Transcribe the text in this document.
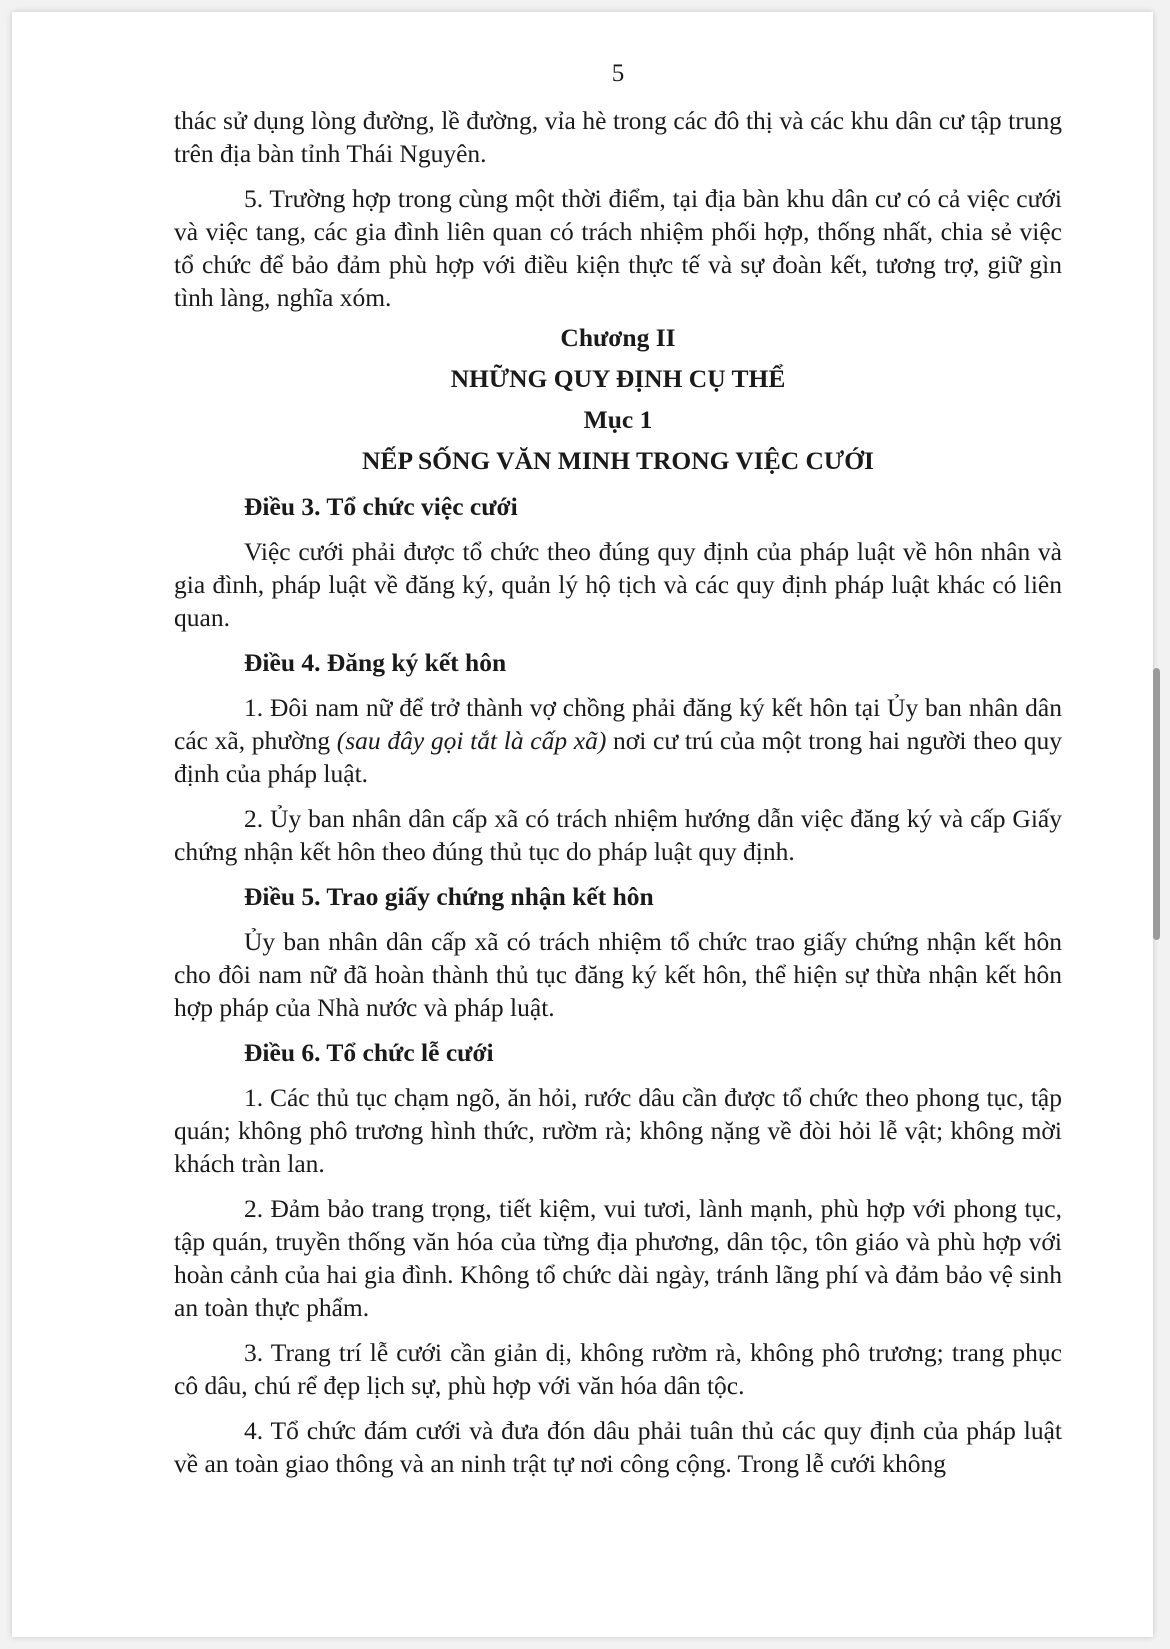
5

thác sử dụng lòng đường, lề đường, vỉa hè trong các đô thị và các khu dân cư tập trung trên địa bàn tỉnh Thái Nguyên.

5. Trường hợp trong cùng một thời điểm, tại địa bàn khu dân cư có cả việc cưới và việc tang, các gia đình liên quan có trách nhiệm phối hợp, thống nhất, chia sẻ việc tổ chức để bảo đảm phù hợp với điều kiện thực tế và sự đoàn kết, tương trợ, giữ gìn tình làng, nghĩa xóm.

Chương II

NHỮNG QUY ĐỊNH CỤ THỂ

Mục 1

NẾP SỐNG VĂN MINH TRONG VIỆC CƯỚI

Điều 3. Tổ chức việc cưới

Việc cưới phải được tổ chức theo đúng quy định của pháp luật về hôn nhân và gia đình, pháp luật về đăng ký, quản lý hộ tịch và các quy định pháp luật khác có liên quan.

Điều 4. Đăng ký kết hôn

1. Đôi nam nữ để trở thành vợ chồng phải đăng ký kết hôn tại Ủy ban nhân dân các xã, phường (sau đây gọi tắt là cấp xã) nơi cư trú của một trong hai người theo quy định của pháp luật.

2. Ủy ban nhân dân cấp xã có trách nhiệm hướng dẫn việc đăng ký và cấp Giấy chứng nhận kết hôn theo đúng thủ tục do pháp luật quy định.

Điều 5. Trao giấy chứng nhận kết hôn

Ủy ban nhân dân cấp xã có trách nhiệm tổ chức trao giấy chứng nhận kết hôn cho đôi nam nữ đã hoàn thành thủ tục đăng ký kết hôn, thể hiện sự thừa nhận kết hôn hợp pháp của Nhà nước và pháp luật.

Điều 6. Tổ chức lễ cưới

1. Các thủ tục chạm ngõ, ăn hỏi, rước dâu cần được tổ chức theo phong tục, tập quán; không phô trương hình thức, rườm rà; không nặng về đòi hỏi lễ vật; không mời khách tràn lan.

2. Đảm bảo trang trọng, tiết kiệm, vui tươi, lành mạnh, phù hợp với phong tục, tập quán, truyền thống văn hóa của từng địa phương, dân tộc, tôn giáo và phù hợp với hoàn cảnh của hai gia đình. Không tổ chức dài ngày, tránh lãng phí và đảm bảo vệ sinh an toàn thực phẩm.

3. Trang trí lễ cưới cần giản dị, không rườm rà, không phô trương; trang phục cô dâu, chú rể đẹp lịch sự, phù hợp với văn hóa dân tộc.

4. Tổ chức đám cưới và đưa đón dâu phải tuân thủ các quy định của pháp luật về an toàn giao thông và an ninh trật tự nơi công cộng. Trong lễ cưới không
